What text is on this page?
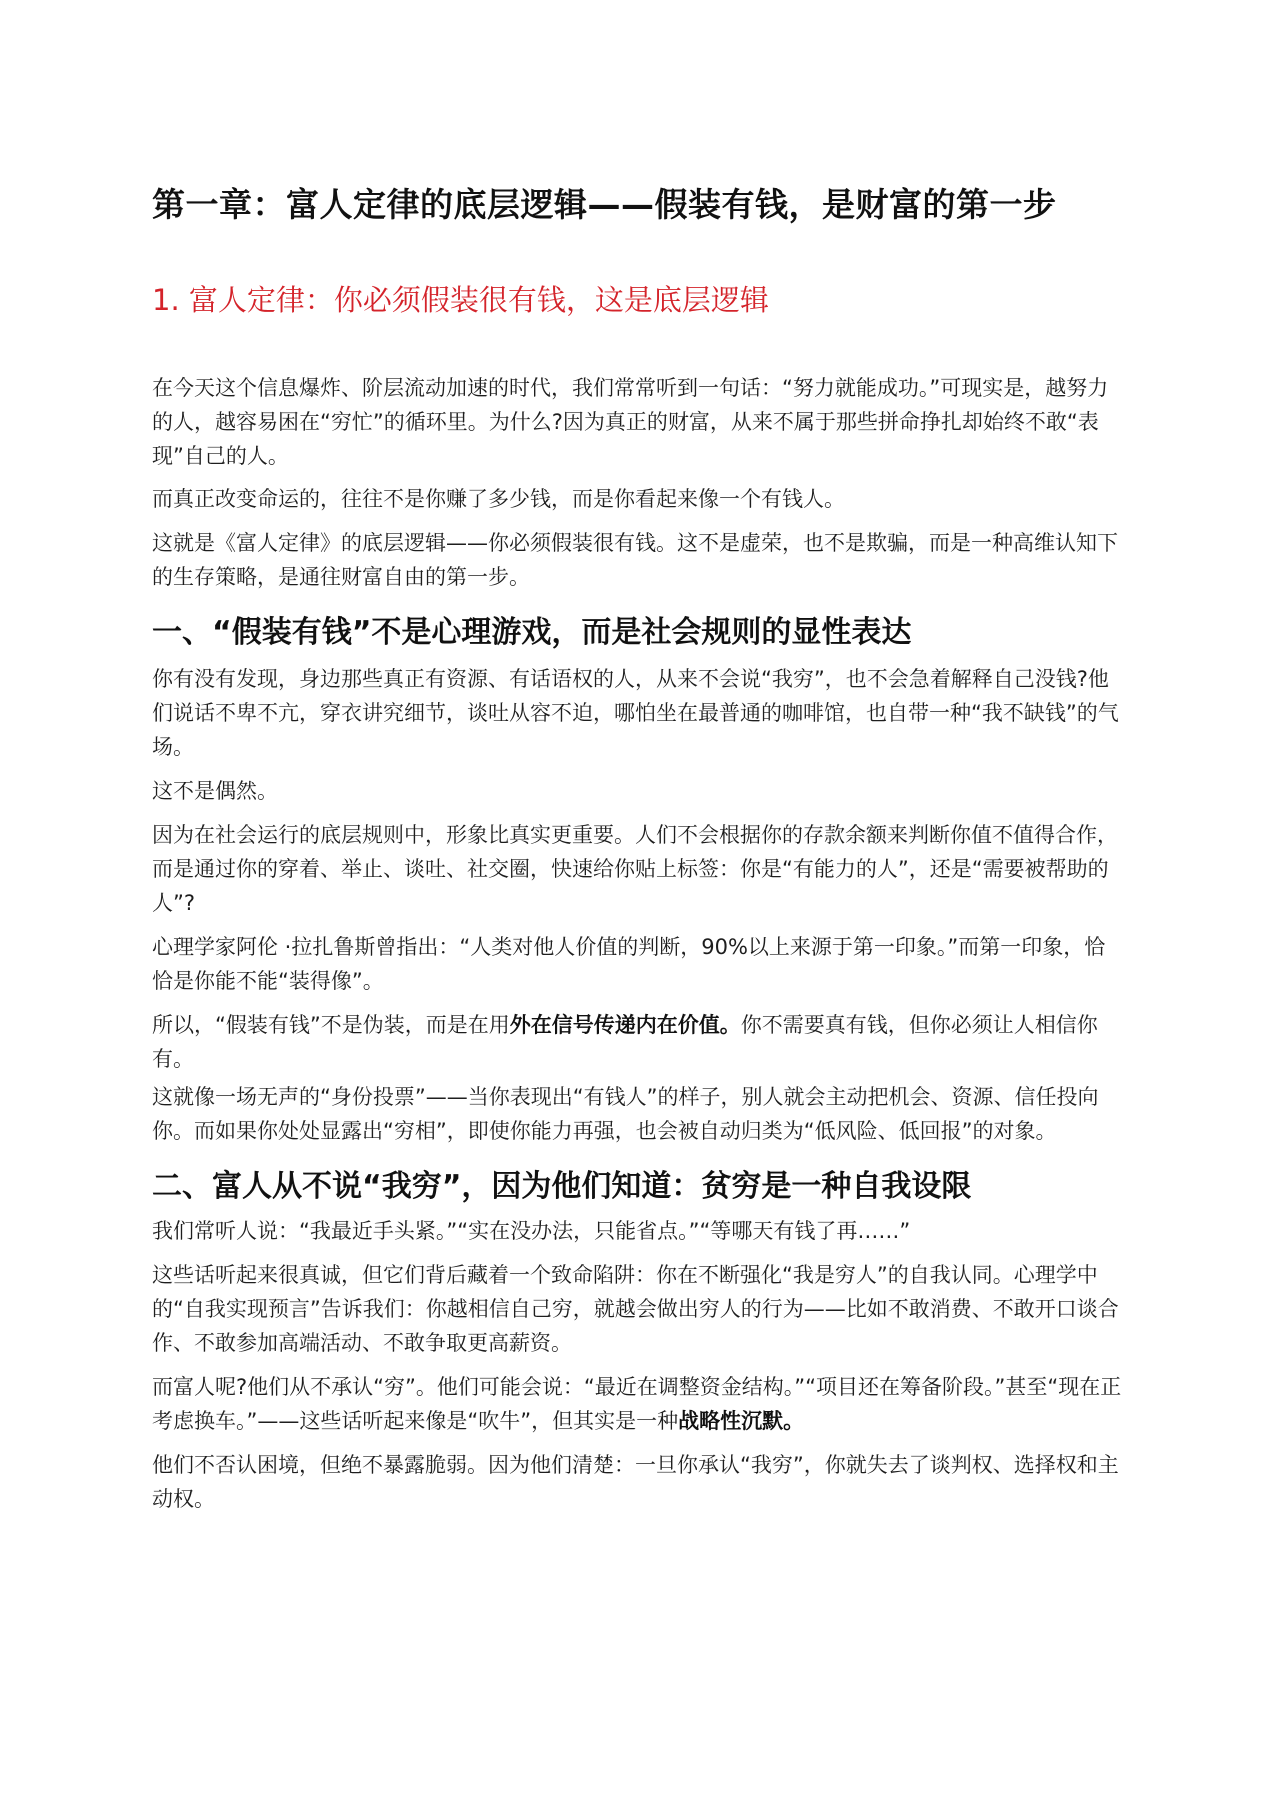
第一章：富人定律的底层逻辑——假装有钱，是财富的第一步
1. 富人定律：你必须假装很有钱，这是底层逻辑

在今天这个信息爆炸、阶层流动加速的时代，我们常常听到一句话：“努力就能成功。”可现实是，越努力的人，越容易困在“穷忙”的循环里。为什么?因为真正的财富，从来不属于那些拼命挣扎却始终不敢“表现”自己的人。

而真正改变命运的，往往不是你赚了多少钱，而是你看起来像一个有钱人。

这就是《富人定律》的底层逻辑——你必须假装很有钱。这不是虚荣，也不是欺骗，而是一种高维认知下的生存策略，是通往财富自由的第一步。

一、“假装有钱”不是心理游戏，而是社会规则的显性表达

你有没有发现，身边那些真正有资源、有话语权的人，从来不会说“我穷”，也不会急着解释自己没钱?他们说话不卑不亢，穿衣讲究细节，谈吐从容不迫，哪怕坐在最普通的咖啡馆，也自带一种“我不缺钱”的气场。

这不是偶然。

因为在社会运行的底层规则中，形象比真实更重要。人们不会根据你的存款余额来判断你值不值得合作，而是通过你的穿着、举止、谈吐、社交圈，快速给你贴上标签：你是“有能力的人”，还是“需要被帮助的人”?

心理学家阿伦 ·拉扎鲁斯曾指出：“人类对他人价值的判断，90%以上来源于第一印象。”而第一印象，恰恰是你能不能“装得像”。

所以，“假装有钱”不是伪装，而是在用外在信号传递内在价值。你不需要真有钱，但你必须让人相信你有。

这就像一场无声的“身份投票”——当你表现出“有钱人”的样子，别人就会主动把机会、资源、信任投向你。而如果你处处显露出“穷相”，即使你能力再强，也会被自动归类为“低风险、低回报”的对象。

二、富人从不说“我穷”，因为他们知道：贫穷是一种自我设限

我们常听人说：“我最近手头紧。”“实在没办法，只能省点。”“等哪天有钱了再……”

这些话听起来很真诚，但它们背后藏着一个致命陷阱：你在不断强化“我是穷人”的自我认同。心理学中的“自我实现预言”告诉我们：你越相信自己穷，就越会做出穷人的行为——比如不敢消费、不敢开口谈合作、不敢参加高端活动、不敢争取更高薪资。

而富人呢?他们从不承认“穷”。他们可能会说：“最近在调整资金结构。”“项目还在筹备阶段。”甚至“现在正考虑换车。”——这些话听起来像是“吹牛”，但其实是一种战略性沉默。

他们不否认困境，但绝不暴露脆弱。因为他们清楚：一旦你承认“我穷”，你就失去了谈判权、选择权和主动权。
